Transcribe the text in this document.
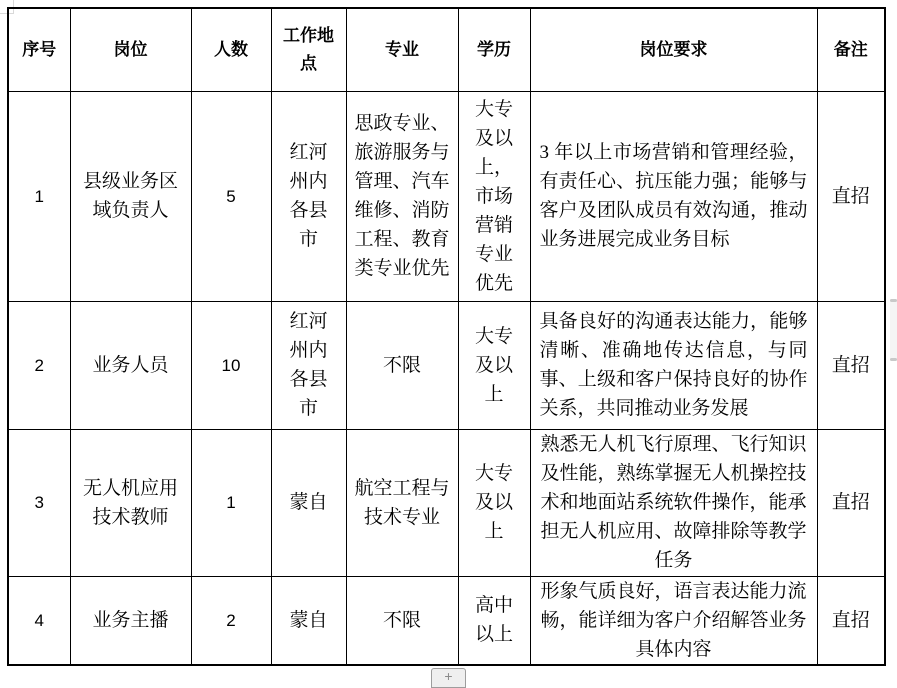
序号	岗位	人数	工作地点	专业	学历	岗位要求	备注
1	县级业务区域负责人	5	红河州内各县市	思政专业、旅游服务与管理、汽车维修、消防工程、教育类专业优先	大专及以上，市场营销专业优先	3 年以上市场营销和管理经验，有责任心、抗压能力强；能够与客户及团队成员有效沟通，推动业务进展完成业务目标	直招
2	业务人员	10	红河州内各县市	不限	大专及以上	具备良好的沟通表达能力，能够清晰、准确地传达信息，与同事、上级和客户保持良好的协作关系，共同推动业务发展	直招
3	无人机应用技术教师	1	蒙自	航空工程与技术专业	大专及以上	熟悉无人机飞行原理、飞行知识及性能，熟练掌握无人机操控技术和地面站系统软件操作，能承担无人机应用、故障排除等教学任务	直招
4	业务主播	2	蒙自	不限	高中以上	形象气质良好，语言表达能力流畅，能详细为客户介绍解答业务具体内容	直招
+
